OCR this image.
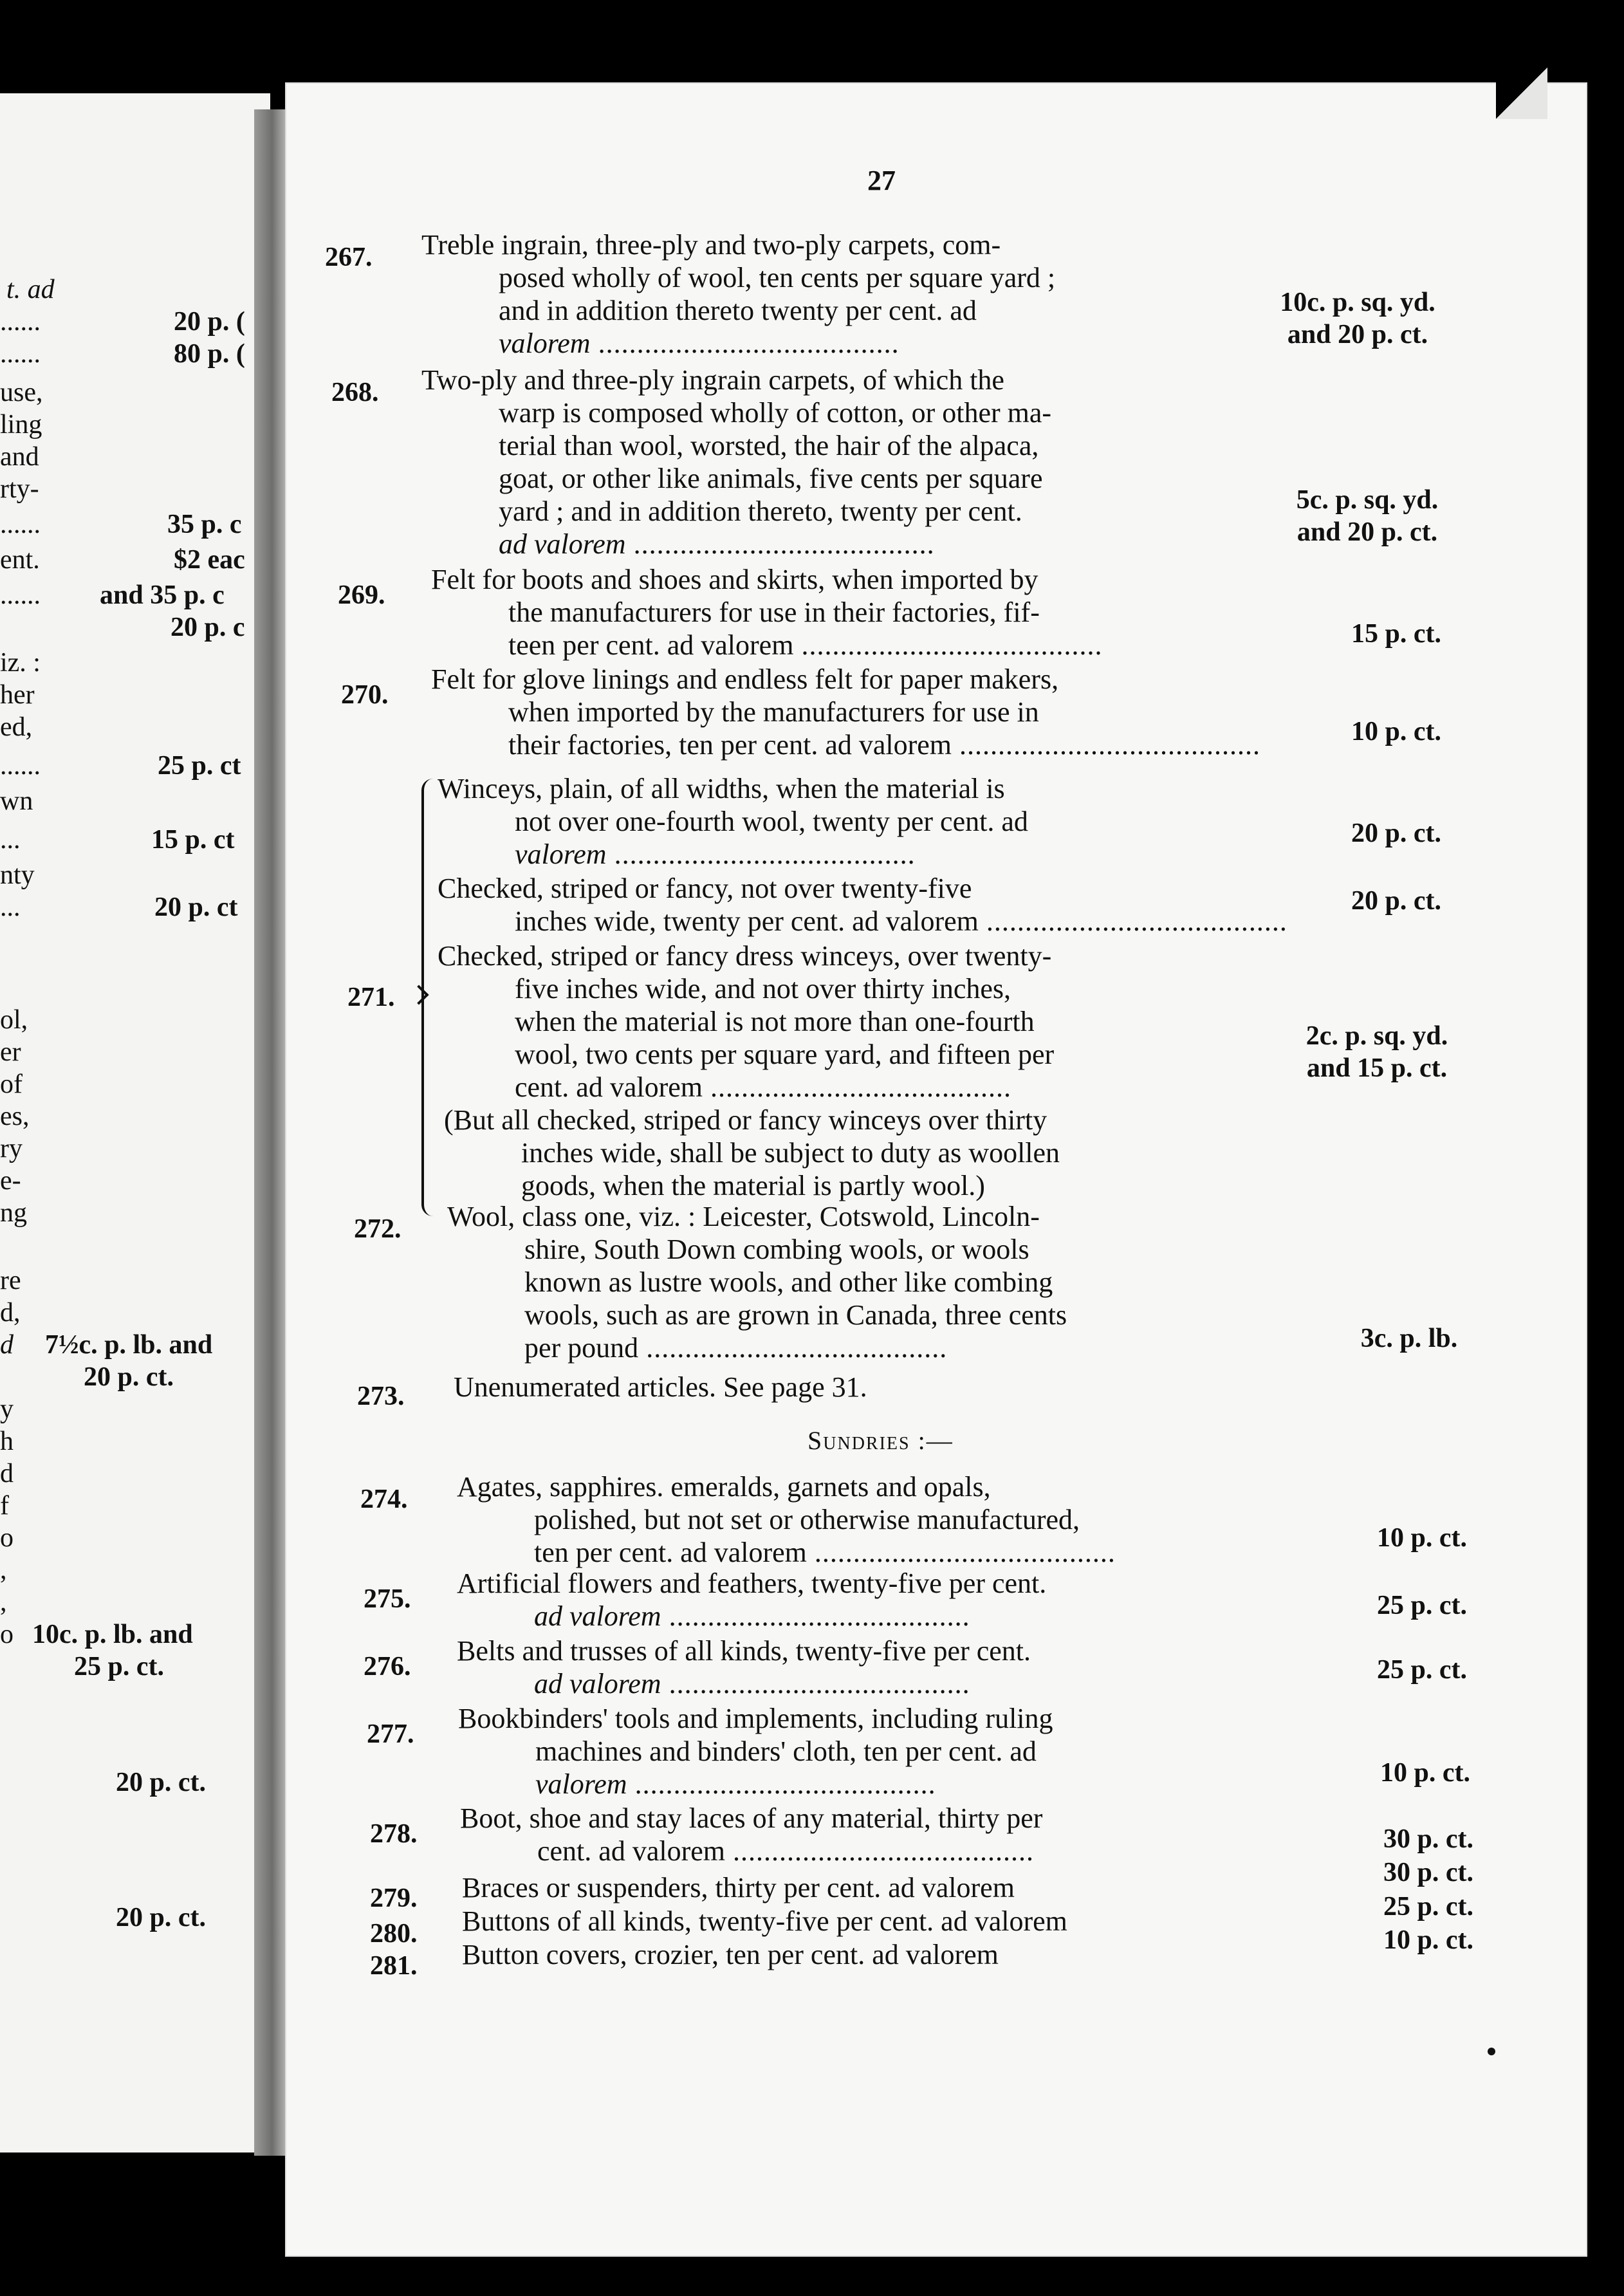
t. ad
......	20 p. (
......	80 p. (
use,
ling
and
rty-
......	35 p. c
ent.	$2 eac
...... and 35 p. c
20 p. c
iz. :
her
ed,
......	25 p. ct
wn
...	15 p. ct
nty
...	20 p. ct
ol,
er
of
es,
ry
e-
ng
re
d,
d 7½c. p. lb. and
20 p. ct.
y
h
d
f
o
,
,
o 10c. p. lb. and
25 p. ct.
20 p. ct.
20 p. ct.
27
267. Treble ingrain, three-ply and two-ply carpets, com-
posed wholly of wool, ten cents per square yard ;
and in addition thereto twenty per cent. ad
valorem .....
10c. p. sq. yd.
and 20 p. ct.
268. Two-ply and three-ply ingrain carpets, of which the
warp is composed wholly of cotton, or other ma-
terial than wool, worsted, the hair of the alpaca,
goat, or other like animals, five cents per square
yard ; and in addition thereto, twenty per cent.
ad valorem .....
5c. p. sq. yd.
and 20 p. ct.
269. Felt for boots and shoes and skirts, when imported by
the manufacturers for use in their factories, fif-
teen per cent. ad valorem .....	15 p. ct.
270. Felt for glove linings and endless felt for paper makers,
when imported by the manufacturers for use in
their factories, ten per cent. ad valorem .....	10 p. ct.
271.
Winceys, plain, of all widths, when the material is
not over one-fourth wool, twenty per cent. ad
valorem .....
20 p. ct.
Checked, striped or fancy, not over twenty-five
inches wide, twenty per cent. ad valorem .....
20 p. ct.
Checked, striped or fancy dress winceys, over twenty-
five inches wide, and not over thirty inches,
when the material is not more than one-fourth
wool, two cents per square yard, and fifteen per
cent. ad valorem .....
2c. p. sq. yd.
and 15 p. ct.
(But all checked, striped or fancy winceys over thirty
inches wide, shall be subject to duty as woollen
goods, when the material is partly wool.)
272. Wool, class one, viz. : Leicester, Cotswold, Lincoln-
shire, South Down combing wools, or wools
known as lustre wools, and other like combing
wools, such as are grown in Canada, three cents
per pound .....	3c. p. lb.
273. Unenumerated articles. See page 31.
Sundries :—
274. Agates, sapphires. emeralds, garnets and opals,
polished, but not set or otherwise manufactured,
ten per cent. ad valorem .....	10 p. ct.
275. Artificial flowers and feathers, twenty-five per cent.
ad valorem .....	25 p. ct.
276. Belts and trusses of all kinds, twenty-five per cent.
ad valorem .....	25 p. ct.
277. Bookbinders' tools and implements, including ruling
machines and binders' cloth, ten per cent. ad
valorem .....	10 p. ct.
278. Boot, shoe and stay laces of any material, thirty per
cent. ad valorem .....	30 p. ct.
279. Braces or suspenders, thirty per cent. ad valorem	30 p. ct.
280. Buttons of all kinds, twenty-five per cent. ad valorem	25 p. ct.
281. Button covers, crozier, ten per cent. ad valorem	10 p. ct.
